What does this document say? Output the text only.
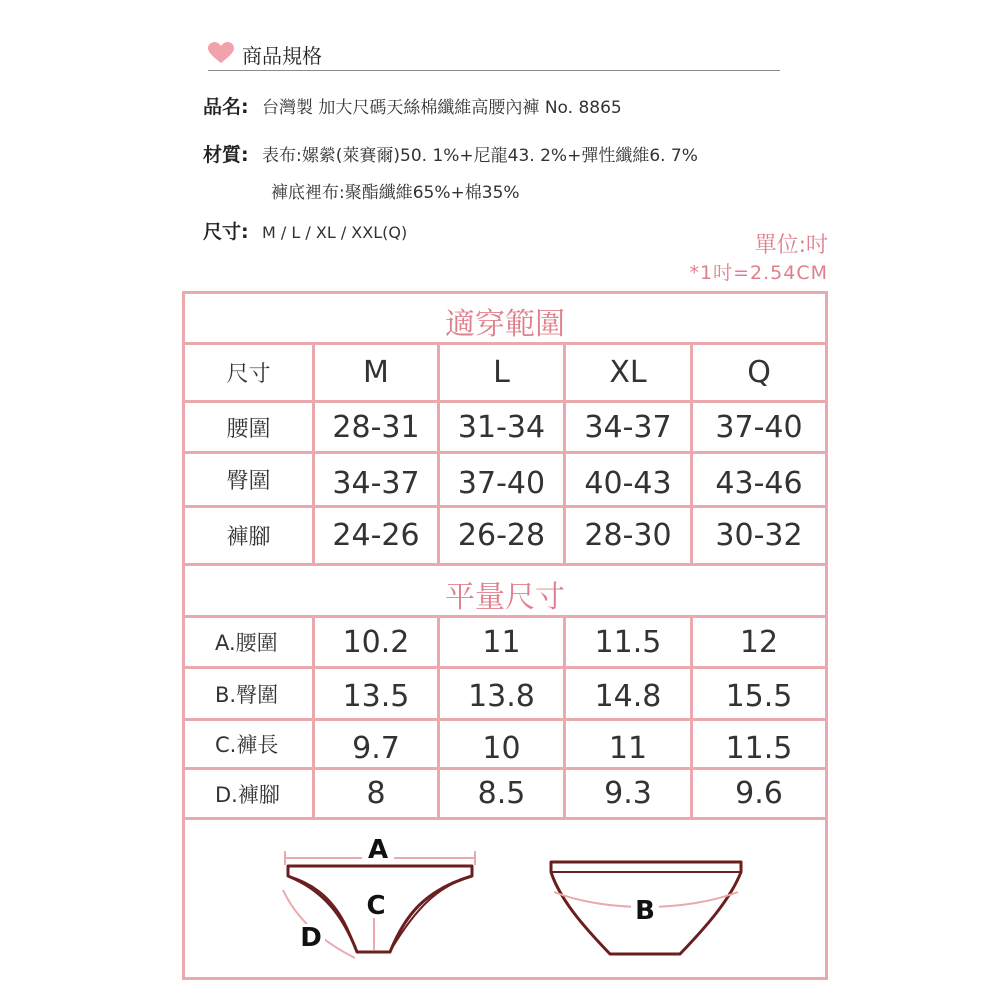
商品規格
品名: 台灣製 加大尺碼天絲棉纖維高腰內褲 No. 8865
材質: 表布:嫘縈(萊賽爾)50. 1%+尼龍43. 2%+彈性纖維6. 7%
褲底裡布:聚酯纖維65%+棉35%
尺寸: M / L / XL / XXL(Q)
單位:吋
*1吋=2.54CM
適穿範圍
平量尺寸
尺寸	M	L	XL	Q
腰圍	28-31	31-34	34-37	37-40
臀圍	34-37	37-40	40-43	43-46
褲腳	24-26	26-28	28-30	30-32
A.腰圍	10.2	11	11.5	12
B.臀圍	13.5	13.8	14.8	15.5
C.褲長	9.7	10	11	11.5
D.褲腳	8	8.5	9.3	9.6
A
C
D
B
